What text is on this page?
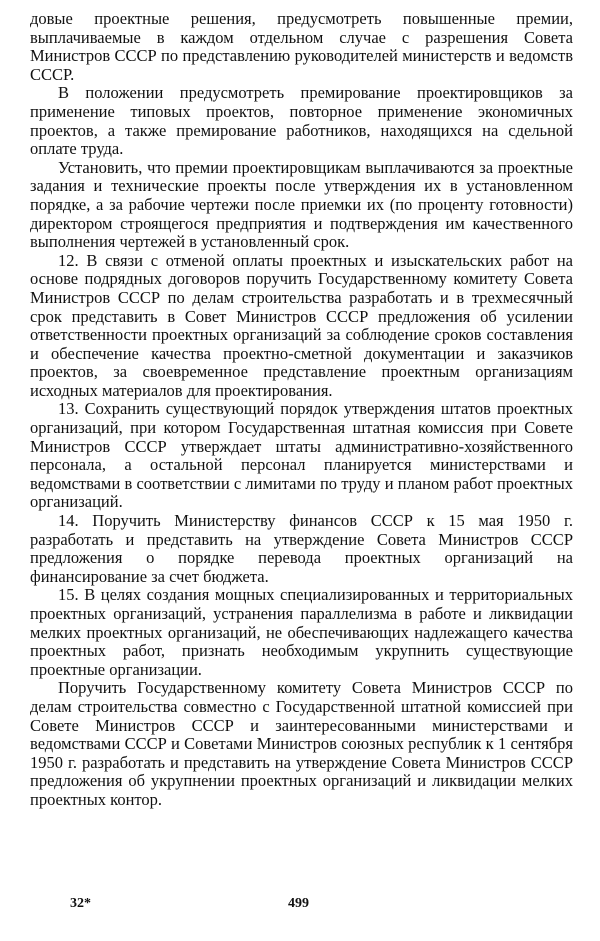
довые проектные решения, предусмотреть повышенные премии, выплачиваемые в каждом отдельном случае с разрешения Совета Министров СССР по представлению руководителей министерств и ведомств СССР.

В положении предусмотреть премирование проектировщиков за применение типовых проектов, повторное применение экономичных проектов, а также премирование работников, находящихся на сдельной оплате труда.

Установить, что премии проектировщикам выплачиваются за проектные задания и технические проекты после утверждения их в установленном порядке, а за рабочие чертежи после приемки их (по проценту готовности) директором строящегося предприятия и подтверждения им качественного выполнения чертежей в установленный срок.

12. В связи с отменой оплаты проектных и изыскательских работ на основе подрядных договоров поручить Государственному комитету Совета Министров СССР по делам строительства разработать и в трехмесячный срок представить в Совет Министров СССР предложения об усилении ответственности проектных организаций за соблюдение сроков составления и обеспечение качества проектно-сметной документации и заказчиков проектов, за своевременное представление проектным организациям исходных материалов для проектирования.

13. Сохранить существующий порядок утверждения штатов проектных организаций, при котором Государственная штатная комиссия при Совете Министров СССР утверждает штаты административно-хозяйственного персонала, а остальной персонал планируется министерствами и ведомствами в соответствии с лимитами по труду и планом работ проектных организаций.

14. Поручить Министерству финансов СССР к 15 мая 1950 г. разработать и представить на утверждение Совета Министров СССР предложения о порядке перевода проектных организаций на финансирование за счет бюджета.

15. В целях создания мощных специализированных и территориальных проектных организаций, устранения параллелизма в работе и ликвидации мелких проектных организаций, не обеспечивающих надлежащего качества проектных работ, признать необходимым укрупнить существующие проектные организации.

Поручить Государственному комитету Совета Министров СССР по делам строительства совместно с Государственной штатной комиссией при Совете Министров СССР и заинтересованными министерствами и ведомствами СССР и Советами Министров союзных республик к 1 сентября 1950 г. разработать и представить на утверждение Совета Министров СССР предложения об укрупнении проектных организаций и ликвидации мелких проектных контор.

32*	499
